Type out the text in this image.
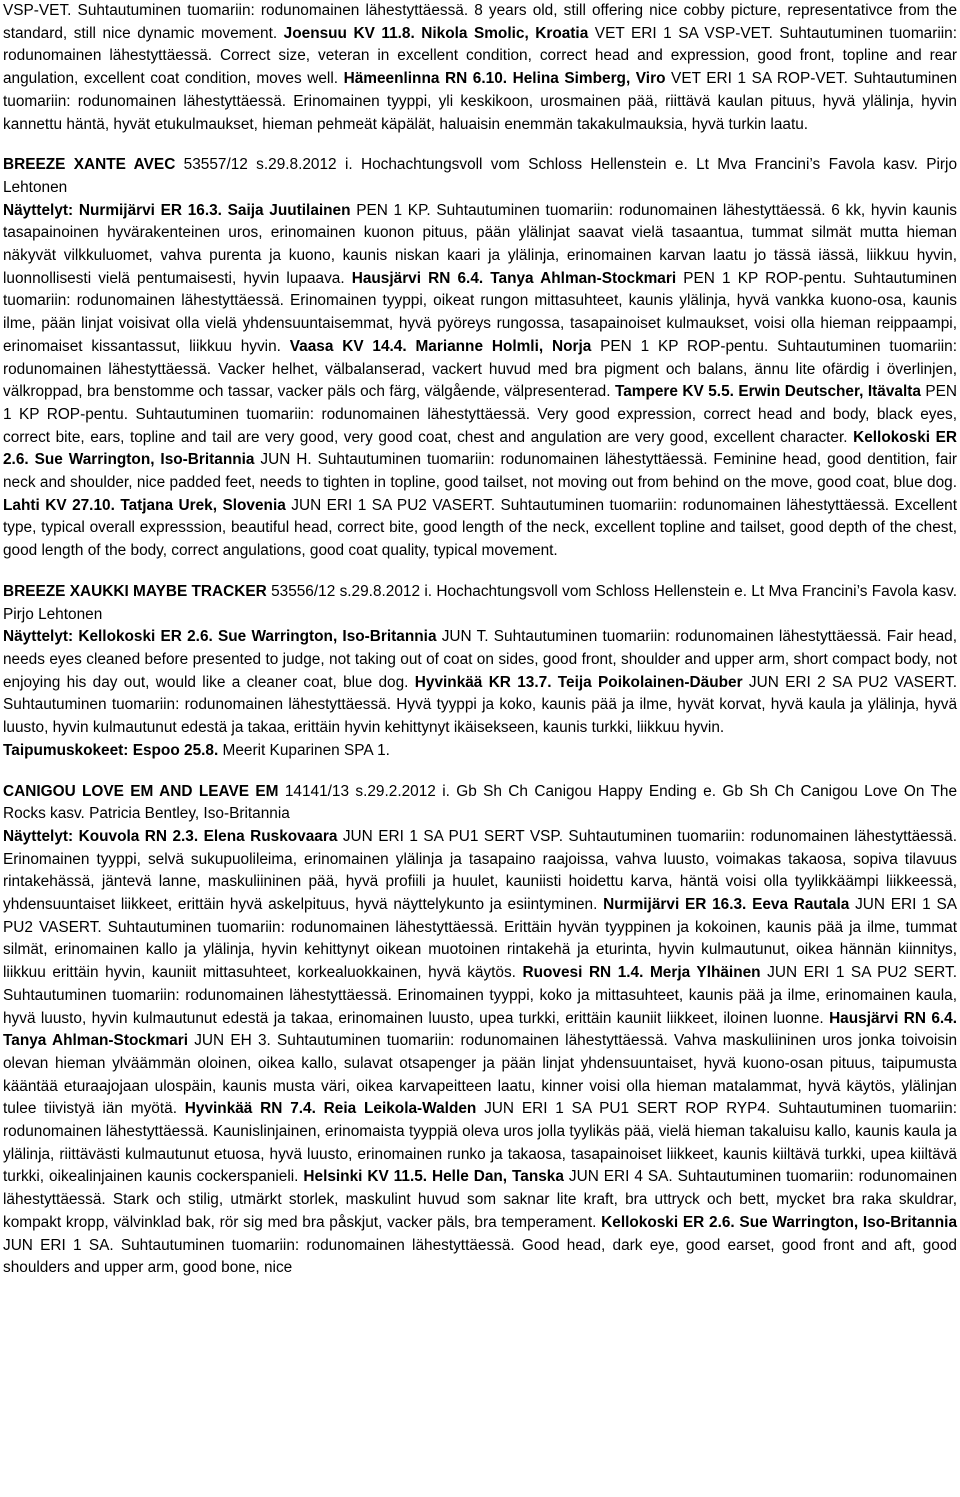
VSP-VET. Suhtautuminen tuomariin: rodunomainen lähestyttäessä. 8 years old, still offering nice cobby picture, representativce from the standard, still nice dynamic movement. Joensuu KV 11.8. Nikola Smolic, Kroatia VET ERI 1 SA VSP-VET. Suhtautuminen tuomariin: rodunomainen lähestyttäessä. Correct size, veteran in excellent condition, correct head and expression, good front, topline and rear angulation, excellent coat condition, moves well. Hämeenlinna RN 6.10. Helina Simberg, Viro VET ERI 1 SA ROP-VET. Suhtautuminen tuomariin: rodunomainen lähestyttäessä. Erinomainen tyyppi, yli keskikoon, urosmainen pää, riittävä kaulan pituus, hyvä ylälinja, hyvin kannettu häntä, hyvät etukulmaukset, hieman pehmeät käpälät, haluaisin enemmän takakulmauksia, hyvä turkin laatu.

BREEZE XANTE AVEC 53557/12 s.29.8.2012 i. Hochachtungsvoll vom Schloss Hellenstein e. Lt Mva Francini’s Favola kasv. Pirjo Lehtonen

Näyttelyt: Nurmijärvi ER 16.3. Saija Juutilainen PEN 1 KP. Suhtautuminen tuomariin: rodunomainen lähestyttäessä. 6 kk, hyvin kaunis tasapainoinen hyvärakenteinen uros, erinomainen kuonon pituus, pään ylälinjat saavat vielä tasaantua, tummat silmät mutta hieman näkyvät vilkkuluomet, vahva purenta ja kuono, kaunis niskan kaari ja ylälinja, erinomainen karvan laatu jo tässä iässä, liikkuu hyvin, luonnollisesti vielä pentumaisesti, hyvin lupaava. Hausjärvi RN 6.4. Tanya Ahlman-Stockmari PEN 1 KP ROP-pentu. Suhtautuminen tuomariin: rodunomainen lähestyttäessä. Erinomainen tyyppi, oikeat rungon mittasuhteet, kaunis ylälinja, hyvä vankka kuono-osa, kaunis ilme, pään linjat voisivat olla vielä yhdensuuntaisemmat, hyvä pyöreys rungossa, tasapainoiset kulmaukset, voisi olla hieman reippaampi, erinomaiset kissantassut, liikkuu hyvin. Vaasa KV 14.4. Marianne Holmli, Norja PEN 1 KP ROP-pentu. Suhtautuminen tuomariin: rodunomainen lähestyttäessä. Vacker helhet, välbalanserad, vackert huvud med bra pigment och balans, ännu lite ofärdig i överlinjen, välkroppad, bra benstomme och tassar, vacker päls och färg, välgående, välpresenterad. Tampere KV 5.5. Erwin Deutscher, Itävalta PEN 1 KP ROP-pentu. Suhtautuminen tuomariin: rodunomainen lähestyttäessä. Very good expression, correct head and body, black eyes, correct bite, ears, topline and tail are very good, very good coat, chest and angulation are very good, excellent character. Kellokoski ER 2.6. Sue Warrington, Iso-Britannia JUN H. Suhtautuminen tuomariin: rodunomainen lähestyttäessä. Feminine head, good dentition, fair neck and shoulder, nice padded feet, needs to tighten in topline, good tailset, not moving out from behind on the move, good coat, blue dog. Lahti KV 27.10. Tatjana Urek, Slovenia JUN ERI 1 SA PU2 VASERT. Suhtautuminen tuomariin: rodunomainen lähestyttäessä. Excellent type, typical overall expresssion, beautiful head, correct bite, good length of the neck, excellent topline and tailset, good depth of the chest, good length of the body, correct angulations, good coat quality, typical movement.

BREEZE XAUKKI MAYBE TRACKER 53556/12 s.29.8.2012 i. Hochachtungsvoll vom Schloss Hellenstein e. Lt Mva Francini’s Favola kasv. Pirjo Lehtonen

Näyttelyt: Kellokoski ER 2.6. Sue Warrington, Iso-Britannia JUN T. Suhtautuminen tuomariin: rodunomainen lähestyttäessä. Fair head, needs eyes cleaned before presented to judge, not taking out of coat on sides, good front, shoulder and upper arm, short compact body, not enjoying his day out, would like a cleaner coat, blue dog. Hyvinkää KR 13.7. Teija Poikolainen-Däuber JUN ERI 2 SA PU2 VASERT. Suhtautuminen tuomariin: rodunomainen lähestyttäessä. Hyvä tyyppi ja koko, kaunis pää ja ilme, hyvät korvat, hyvä kaula ja ylälinja, hyvä luusto, hyvin kulmautunut edestä ja takaa, erittäin hyvin kehittynyt ikäisekseen, kaunis turkki, liikkuu hyvin.

Taipumuskokeet: Espoo 25.8. Meerit Kuparinen SPA 1.

CANIGOU LOVE EM AND LEAVE EM 14141/13 s.29.2.2012 i. Gb Sh Ch Canigou Happy Ending e. Gb Sh Ch Canigou Love On The Rocks kasv. Patricia Bentley, Iso-Britannia

Näyttelyt: Kouvola RN 2.3. Elena Ruskovaara JUN ERI 1 SA PU1 SERT VSP. Suhtautuminen tuomariin: rodunomainen lähestyttäessä. Erinomainen tyyppi, selvä sukupuolileima, erinomainen ylälinja ja tasapaino raajoissa, vahva luusto, voimakas takaosa, sopiva tilavuus rintakehässä, jäntevä lanne, maskuliininen pää, hyvä profiili ja huulet, kauniisti hoidettu karva, häntä voisi olla tyylikkäämpi liikkeessä, yhdensuuntaiset liikkeet, erittäin hyvä askelpituus, hyvä näyttelykunto ja esiintyminen. Nurmijärvi ER 16.3. Eeva Rautala JUN ERI 1 SA PU2 VASERT. Suhtautuminen tuomariin: rodunomainen lähestyttäessä. Erittäin hyvän tyyppinen ja kokoinen, kaunis pää ja ilme, tummat silmät, erinomainen kallo ja ylälinja, hyvin kehittynyt oikean muotoinen rintakehä ja eturinta, hyvin kulmautunut, oikea hännän kiinnitys, liikkuu erittäin hyvin, kauniit mittasuhteet, korkealuokkainen, hyvä käytös. Ruovesi RN 1.4. Merja Ylhäinen JUN ERI 1 SA PU2 SERT. Suhtautuminen tuomariin: rodunomainen lähestyttäessä. Erinomainen tyyppi, koko ja mittasuhteet, kaunis pää ja ilme, erinomainen kaula, hyvä luusto, hyvin kulmautunut edestä ja takaa, erinomainen luusto, upea turkki, erittäin kauniit liikkeet, iloinen luonne. Hausjärvi RN 6.4. Tanya Ahlman-Stockmari JUN EH 3. Suhtautuminen tuomariin: rodunomainen lähestyttäessä. Vahva maskuliininen uros jonka toivoisin olevan hieman ylväämmän oloinen, oikea kallo, sulavat otsapenger ja pään linjat yhdensuuntaiset, hyvä kuono-osan pituus, taipumusta kääntää eturaajojaan ulospäin, kaunis musta väri, oikea karvapeitteen laatu, kinner voisi olla hieman matalammat, hyvä käytös, ylälinjan tulee tiivistyä iän myötä. Hyvinkää RN 7.4. Reia Leikola-Walden JUN ERI 1 SA PU1 SERT ROP RYP4. Suhtautuminen tuomariin: rodunomainen lähestyttäessä. Kaunislinjainen, erinomaista tyyppiä oleva uros jolla tyylikäs pää, vielä hieman takaluisu kallo, kaunis kaula ja ylälinja, riittävästi kulmautunut etuosa, hyvä luusto, erinomainen runko ja takaosa, tasapainoiset liikkeet, kaunis kiiltävä turkki, upea kiiltävä turkki, oikealinjainen kaunis cockerspanieli. Helsinki KV 11.5. Helle Dan, Tanska JUN ERI 4 SA. Suhtautuminen tuomariin: rodunomainen lähestyttäessä. Stark och stilig, utmärkt storlek, maskulint huvud som saknar lite kraft, bra uttryck och bett, mycket bra raka skuldrar, kompakt kropp, välvinklad bak, rör sig med bra påskjut, vacker päls, bra temperament. Kellokoski ER 2.6. Sue Warrington, Iso-Britannia JUN ERI 1 SA. Suhtautuminen tuomariin: rodunomainen lähestyttäessä. Good head, dark eye, good earset, good front and aft, good shoulders and upper arm, good bone, nice
